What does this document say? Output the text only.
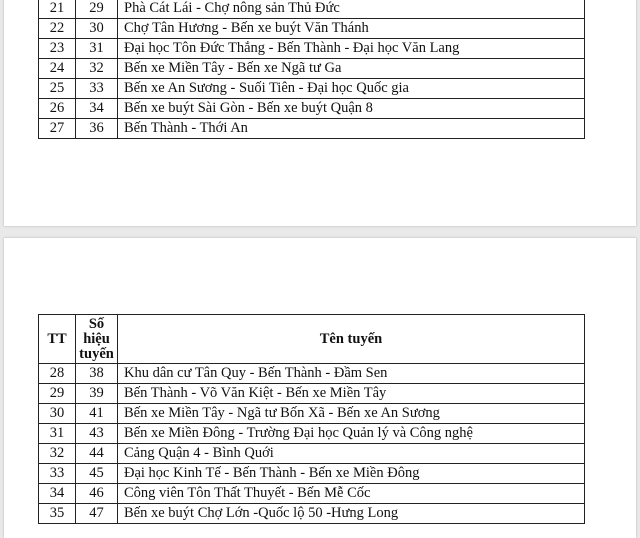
21	29	Phà Cát Lái - Chợ nông sản Thủ Đức
22	30	Chợ Tân Hương - Bến xe buýt Văn Thánh
23	31	Đại học Tôn Đức Thắng - Bến Thành - Đại học Văn Lang
24	32	Bến xe Miền Tây - Bến xe Ngã tư Ga
25	33	Bến xe An Sương - Suối Tiên - Đại học Quốc gia
26	34	Bến xe buýt Sài Gòn - Bến xe buýt Quận 8
27	36	Bến Thành - Thới An
TT	Số hiệu tuyến	Tên tuyến
28	38	Khu dân cư Tân Quy - Bến Thành - Đầm Sen
29	39	Bến Thành - Võ Văn Kiệt - Bến xe Miền Tây
30	41	Bến xe Miền Tây - Ngã tư Bốn Xã - Bến xe An Sương
31	43	Bến xe Miền Đông - Trường Đại học Quản lý và Công nghệ
32	44	Cảng Quận 4 - Bình Quới
33	45	Đại học Kinh Tế - Bến Thành - Bến xe Miền Đông
34	46	Công viên Tôn Thất Thuyết - Bến Mễ Cốc
35	47	Bến xe buýt Chợ Lớn -Quốc lộ 50 -Hưng Long
